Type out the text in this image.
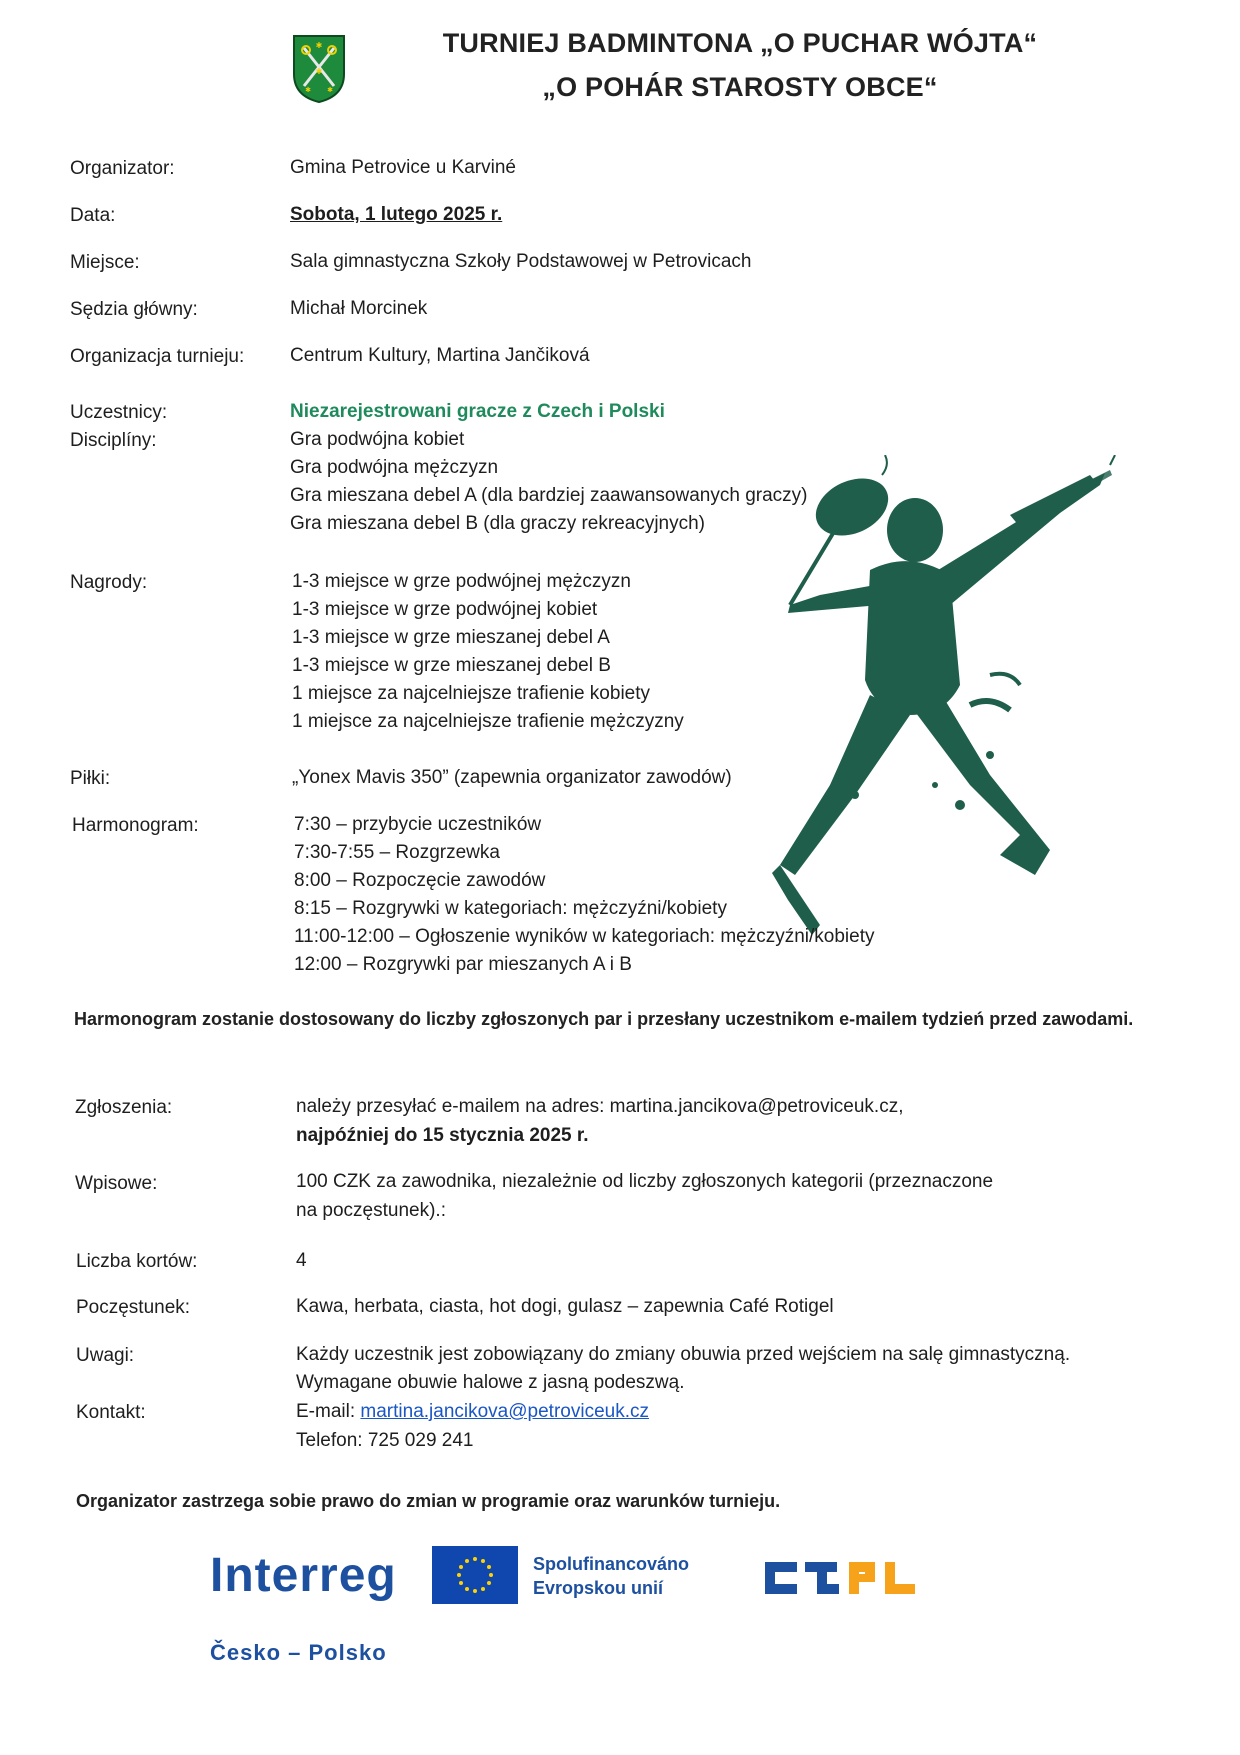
✱
✱
✱ ✱
TURNIEJ BADMINTONA „O PUCHAR WÓJTA“
„O POHÁR STAROSTY OBCE“
Organizator:	Gmina Petrovice u Karviné
Data:	Sobota, 1 lutego 2025 r.
Miejsce:	Sala gimnastyczna Szkoły Podstawowej w Petrovicach
Sędzia główny:	Michał Morcinek
Organizacja turnieju: Centrum Kultury, Martina Jančiková
Uczestnicy:	Niezarejestrowani gracze z Czech i Polski
Disciplíny:	Gra podwójna kobiet
Gra podwójna mężczyzn
Gra mieszana debel A (dla bardziej zaawansowanych graczy)
Gra mieszana debel B (dla graczy rekreacyjnych)
Nagrody:	1-3 miejsce w grze podwójnej mężczyzn
1-3 miejsce w grze podwójnej kobiet
1-3 miejsce w grze mieszanej debel A
1-3 miejsce w grze mieszanej debel B
1 miejsce za najcelniejsze trafienie kobiety
1 miejsce za najcelniejsze trafienie mężczyzny
Piłki:	„Yonex Mavis 350” (zapewnia organizator zawodów)
Harmonogram:	7:30 – przybycie uczestników
7:30-7:55 – Rozgrzewka
8:00 – Rozpoczęcie zawodów
8:15 – Rozgrywki w kategoriach: mężczyźni/kobiety
11:00-12:00 – Ogłoszenie wyników w kategoriach: mężczyźni/kobiety
12:00 – Rozgrywki par mieszanych A i B
Harmonogram zostanie dostosowany do liczby zgłoszonych par i przesłany uczestnikom e-mailem tydzień przed zawodami.
Zgłoszenia:	należy przesyłać e-mailem na adres: martina.jancikova@petroviceuk.cz,
najpóźniej do 15 stycznia 2025 r.
Wpisowe:	100 CZK za zawodnika, niezależnie od liczby zgłoszonych kategorii (przeznaczone
na poczęstunek).:
Liczba kortów:	4
Poczęstunek:	Kawa, herbata, ciasta, hot dogi, gulasz – zapewnia Café Rotigel
Uwagi:	Każdy uczestnik jest zobowiązany do zmiany obuwia przed wejściem na salę gimnastyczną.
Wymagane obuwie halowe z jasną podeszwą.
Kontakt:	E-mail: martina.jancikova@petroviceuk.cz
Telefon: 725 029 241
Organizator zastrzega sobie prawo do zmian w programie oraz warunków turnieju.
Interreg	Spolufinancováno
Evropskou unií
Česko – Polsko
